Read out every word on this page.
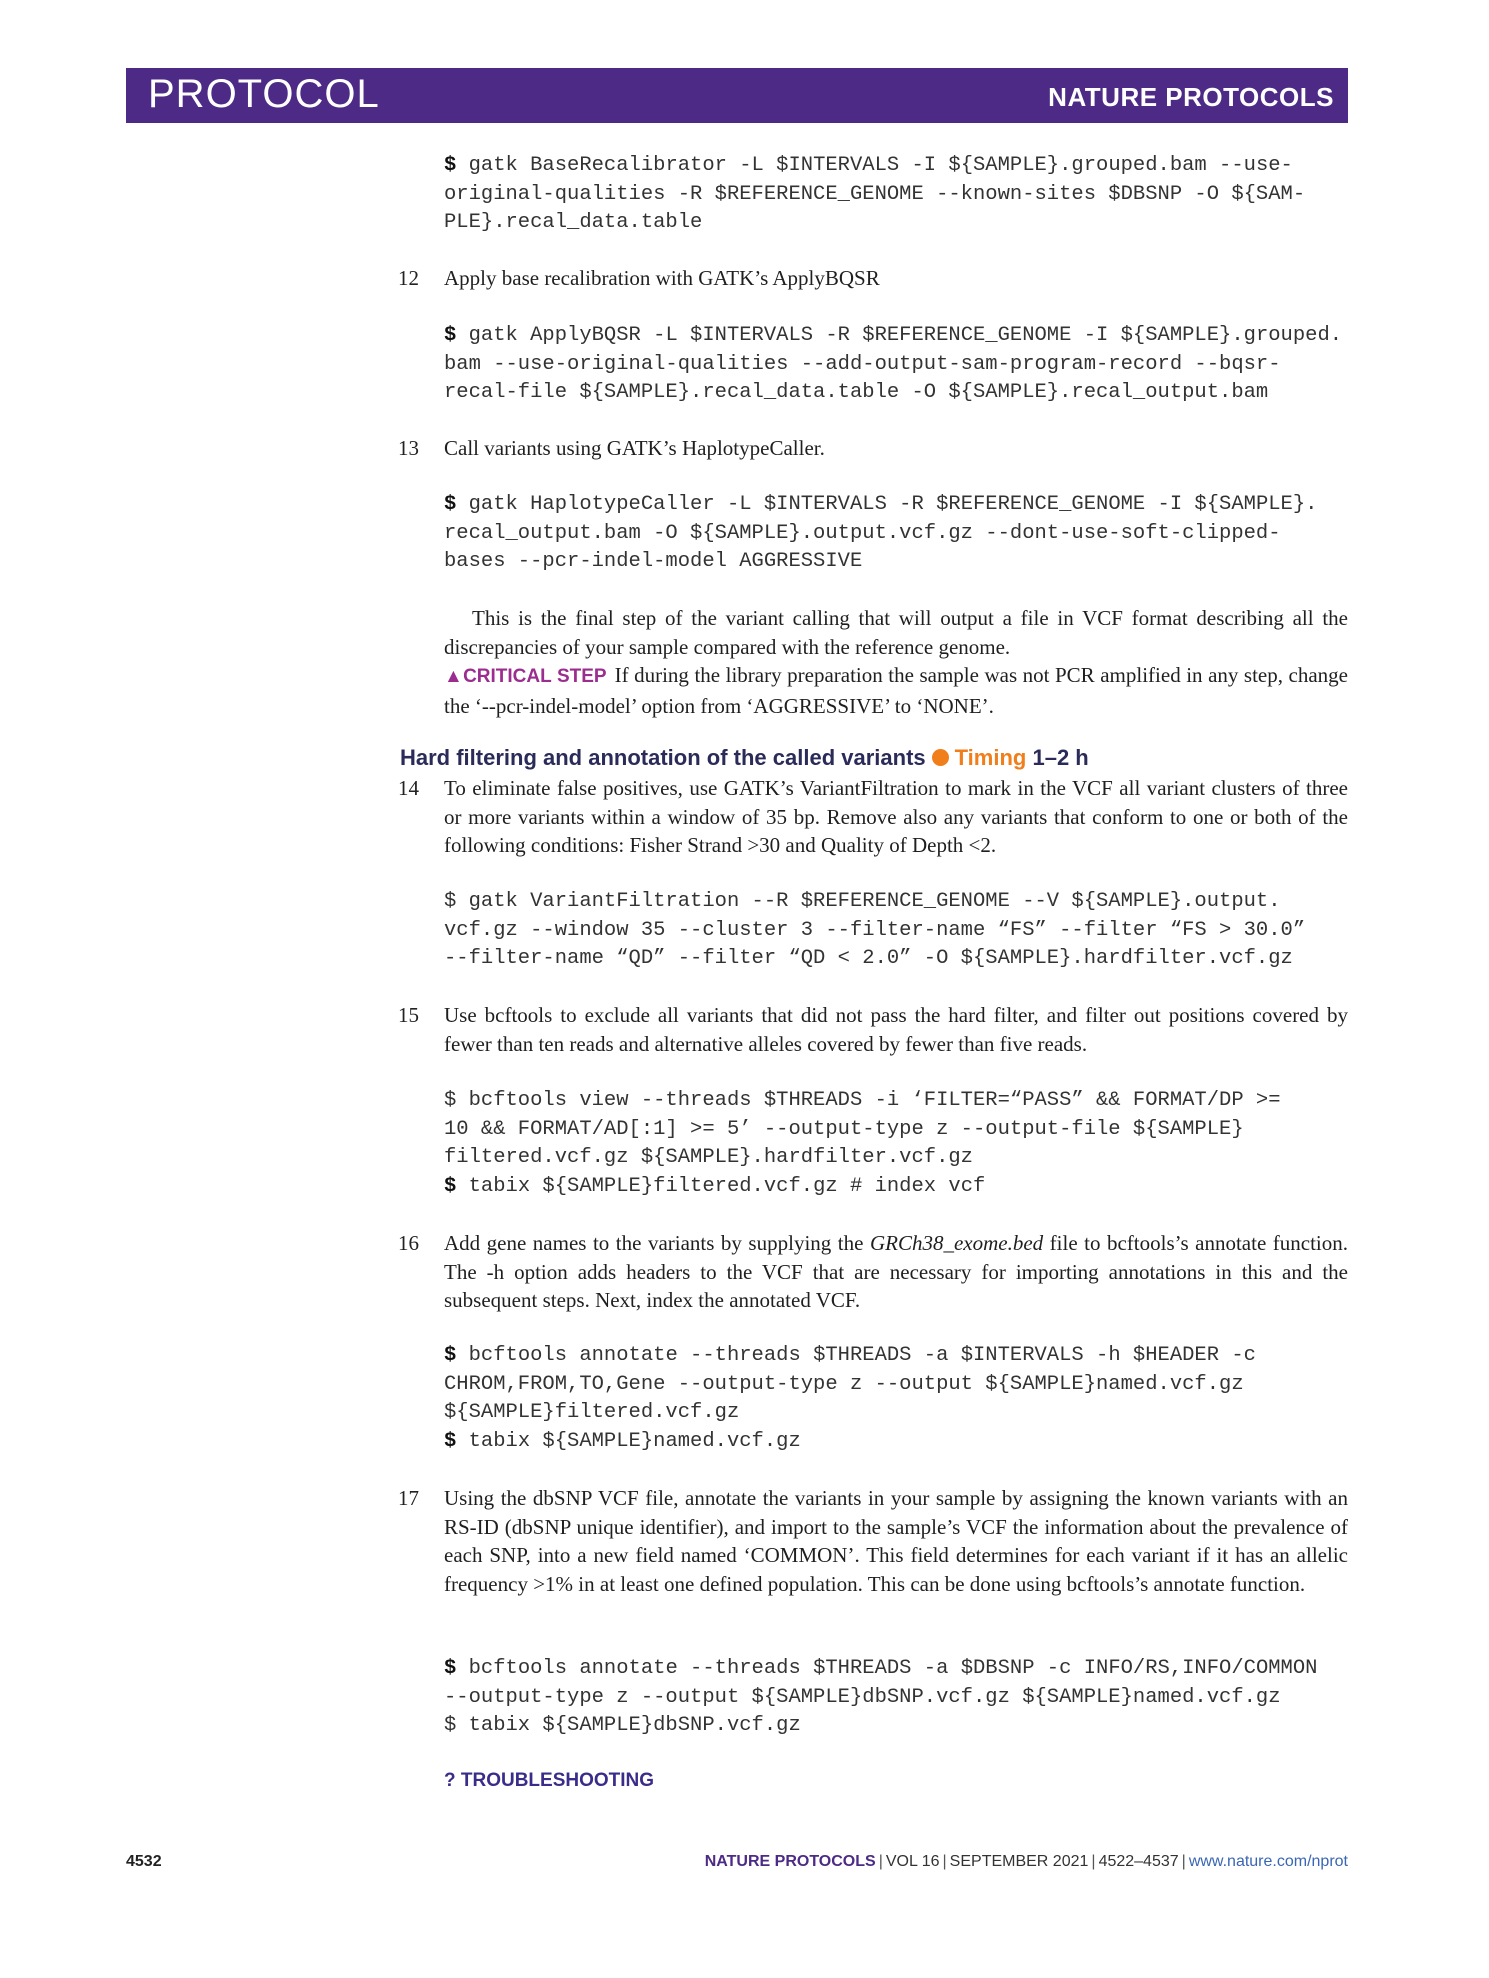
PROTOCOL	NATURE PROTOCOLS
$ gatk BaseRecalibrator -L $INTERVALS -I ${SAMPLE}.grouped.bam --use-
original-qualities -R $REFERENCE_GENOME --known-sites $DBSNP -O ${SAM-
PLE}.recal_data.table
12 Apply base recalibration with GATK’s ApplyBQSR
$ gatk ApplyBQSR -L $INTERVALS -R $REFERENCE_GENOME -I ${SAMPLE}.grouped.
bam --use-original-qualities --add-output-sam-program-record --bqsr-
recal-file ${SAMPLE}.recal_data.table -O ${SAMPLE}.recal_output.bam
13 Call variants using GATK’s HaplotypeCaller.
$ gatk HaplotypeCaller -L $INTERVALS -R $REFERENCE_GENOME -I ${SAMPLE}.
recal_output.bam -O ${SAMPLE}.output.vcf.gz --dont-use-soft-clipped-
bases --pcr-indel-model AGGRESSIVE
This is the final step of the variant calling that will output a file in VCF format describing all the discrepancies of your sample compared with the reference genome.
▲CRITICAL STEP If during the library preparation the sample was not PCR amplified in any step, change the ‘--pcr-indel-model’ option from ‘AGGRESSIVE’ to ‘NONE’.
Hard filtering and annotation of the called variants Timing 1–2 h
14 To eliminate false positives, use GATK’s VariantFiltration to mark in the VCF all variant clusters of three or more variants within a window of 35 bp. Remove also any variants that conform to one or both of the following conditions: Fisher Strand >30 and Quality of Depth <2.
$ gatk VariantFiltration --R $REFERENCE_GENOME --V ${SAMPLE}.output.
vcf.gz --window 35 --cluster 3 --filter-name “FS” --filter “FS > 30.0”
--filter-name “QD” --filter “QD < 2.0” -O ${SAMPLE}.hardfilter.vcf.gz
15 Use bcftools to exclude all variants that did not pass the hard filter, and filter out positions covered by fewer than ten reads and alternative alleles covered by fewer than five reads.
$ bcftools view --threads $THREADS -i ‘FILTER=“PASS” && FORMAT/DP >=
10 && FORMAT/AD[:1] >= 5’ --output-type z --output-file ${SAMPLE}
filtered.vcf.gz ${SAMPLE}.hardfilter.vcf.gz
$ tabix ${SAMPLE}filtered.vcf.gz # index vcf
16 Add gene names to the variants by supplying the GRCh38_exome.bed file to bcftools’s annotate function. The -h option adds headers to the VCF that are necessary for importing annotations in this and the subsequent steps. Next, index the annotated VCF.
$ bcftools annotate --threads $THREADS -a $INTERVALS -h $HEADER -c
CHROM,FROM,TO,Gene --output-type z --output ${SAMPLE}named.vcf.gz
${SAMPLE}filtered.vcf.gz
$ tabix ${SAMPLE}named.vcf.gz
17 Using the dbSNP VCF file, annotate the variants in your sample by assigning the known variants with an RS-ID (dbSNP unique identifier), and import to the sample’s VCF the information about the prevalence of each SNP, into a new field named ‘COMMON’. This field determines for each variant if it has an allelic frequency >1% in at least one defined population. This can be done using bcftools’s annotate function.
$ bcftools annotate --threads $THREADS -a $DBSNP -c INFO/RS,INFO/COMMON
--output-type z --output ${SAMPLE}dbSNP.vcf.gz ${SAMPLE}named.vcf.gz
$ tabix ${SAMPLE}dbSNP.vcf.gz
? TROUBLESHOOTING
4532	NATURE PROTOCOLS | VOL 16 | SEPTEMBER 2021 | 4522–4537 | www.nature.com/nprot
